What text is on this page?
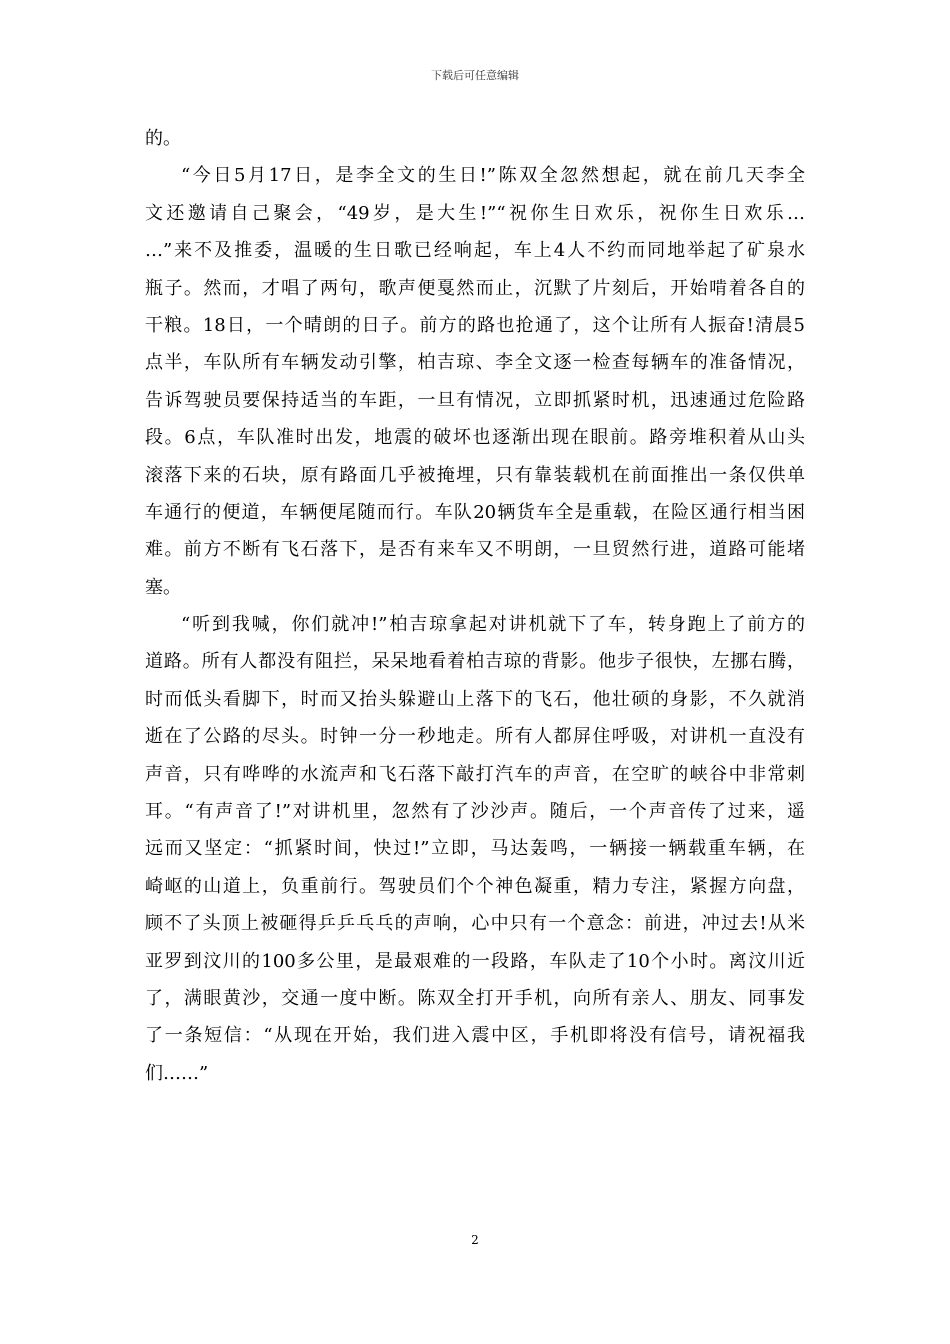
下载后可任意编辑
的。
“今日5月17日，是李全文的生日!”陈双全忽然想起，就在前几天李全
文还邀请自己聚会，“49岁，是大生!”“祝你生日欢乐，祝你生日欢乐…
…”来不及推委，温暖的生日歌已经响起，车上4人不约而同地举起了矿泉水
瓶子。然而，才唱了两句，歌声便戛然而止，沉默了片刻后，开始啃着各自的
干粮。18日，一个晴朗的日子。前方的路也抢通了，这个让所有人振奋!清晨5
点半，车队所有车辆发动引擎，柏吉琼、李全文逐一检查每辆车的准备情况，
告诉驾驶员要保持适当的车距，一旦有情况，立即抓紧时机，迅速通过危险路
段。6点，车队准时出发，地震的破坏也逐渐出现在眼前。路旁堆积着从山头
滚落下来的石块，原有路面几乎被掩埋，只有靠装载机在前面推出一条仅供单
车通行的便道，车辆便尾随而行。车队20辆货车全是重载，在险区通行相当困
难。前方不断有飞石落下，是否有来车又不明朗，一旦贸然行进，道路可能堵
塞。
“听到我喊，你们就冲!”柏吉琼拿起对讲机就下了车，转身跑上了前方的
道路。所有人都没有阻拦，呆呆地看着柏吉琼的背影。他步子很快，左挪右腾，
时而低头看脚下，时而又抬头躲避山上落下的飞石，他壮硕的身影，不久就消
逝在了公路的尽头。时钟一分一秒地走。所有人都屏住呼吸，对讲机一直没有
声音，只有哗哗的水流声和飞石落下敲打汽车的声音，在空旷的峡谷中非常刺
耳。“有声音了!”对讲机里，忽然有了沙沙声。随后，一个声音传了过来，遥
远而又坚定：“抓紧时间，快过!”立即，马达轰鸣，一辆接一辆载重车辆，在
崎岖的山道上，负重前行。驾驶员们个个神色凝重，精力专注，紧握方向盘，
顾不了头顶上被砸得乒乒乓乓的声响，心中只有一个意念：前进，冲过去!从米
亚罗到汶川的100多公里，是最艰难的一段路，车队走了10个小时。离汶川近
了，满眼黄沙，交通一度中断。陈双全打开手机，向所有亲人、朋友、同事发
了一条短信：“从现在开始，我们进入震中区，手机即将没有信号，请祝福我
们……”
2
